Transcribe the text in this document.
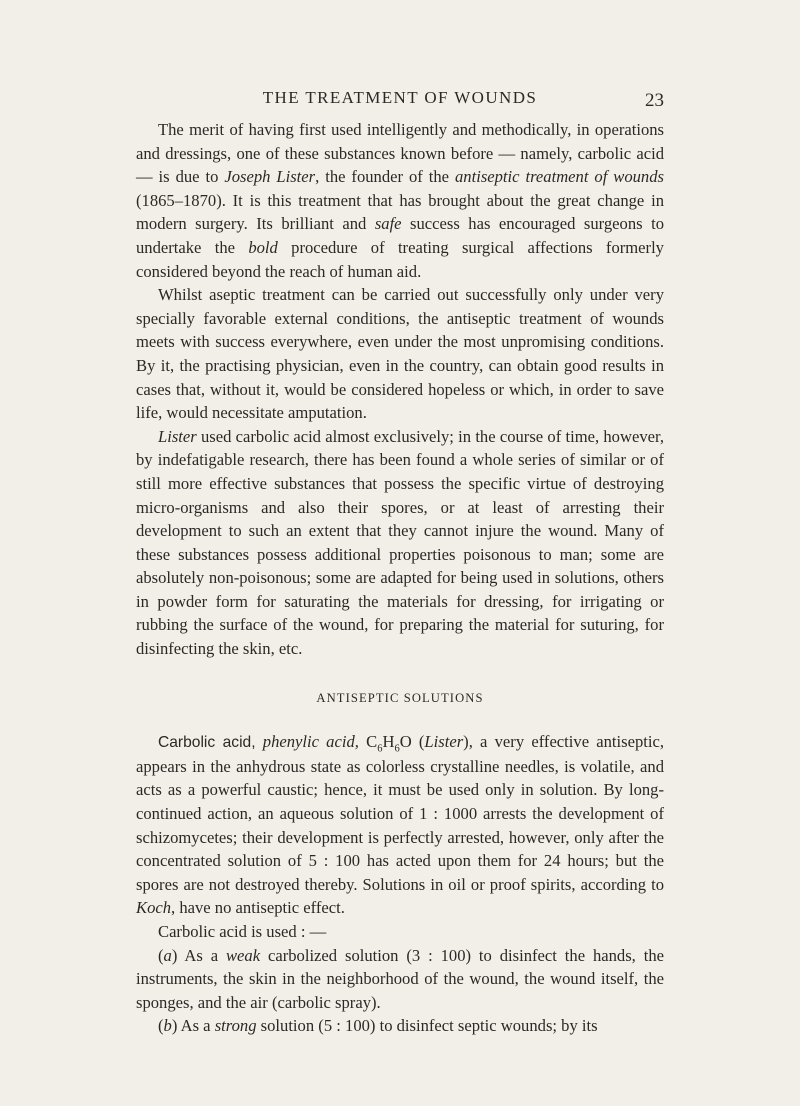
THE TREATMENT OF WOUNDS	23

The merit of having first used intelligently and methodically, in operations and dressings, one of these substances known before — namely, carbolic acid — is due to Joseph Lister, the founder of the antiseptic treatment of wounds (1865–1870). It is this treatment that has brought about the great change in modern surgery. Its brilliant and safe success has encouraged surgeons to undertake the bold procedure of treating surgical affections formerly considered beyond the reach of human aid.

Whilst aseptic treatment can be carried out successfully only under very specially favorable external conditions, the antiseptic treatment of wounds meets with success everywhere, even under the most unpromising conditions. By it, the practising physician, even in the country, can obtain good results in cases that, without it, would be considered hopeless or which, in order to save life, would necessitate amputation.

Lister used carbolic acid almost exclusively; in the course of time, however, by indefatigable research, there has been found a whole series of similar or of still more effective substances that possess the specific virtue of destroying micro-organisms and also their spores, or at least of arresting their development to such an extent that they cannot injure the wound. Many of these substances possess additional properties poisonous to man; some are absolutely non-poisonous; some are adapted for being used in solutions, others in powder form for saturating the materials for dressing, for irrigating or rubbing the surface of the wound, for preparing the material for suturing, for disinfecting the skin, etc.

ANTISEPTIC SOLUTIONS

Carbolic acid, phenylic acid, $C_6H_6O$ (Lister), a very effective antiseptic, appears in the anhydrous state as colorless crystalline needles, is volatile, and acts as a powerful caustic; hence, it must be used only in solution. By long-continued action, an aqueous solution of 1 : 1000 arrests the development of schizomycetes; their development is perfectly arrested, however, only after the concentrated solution of 5 : 100 has acted upon them for 24 hours; but the spores are not destroyed thereby. Solutions in oil or proof spirits, according to Koch, have no antiseptic effect.

Carbolic acid is used : —

(a) As a weak carbolized solution (3 : 100) to disinfect the hands, the instruments, the skin in the neighborhood of the wound, the wound itself, the sponges, and the air (carbolic spray).

(b) As a strong solution (5 : 100) to disinfect septic wounds; by its
